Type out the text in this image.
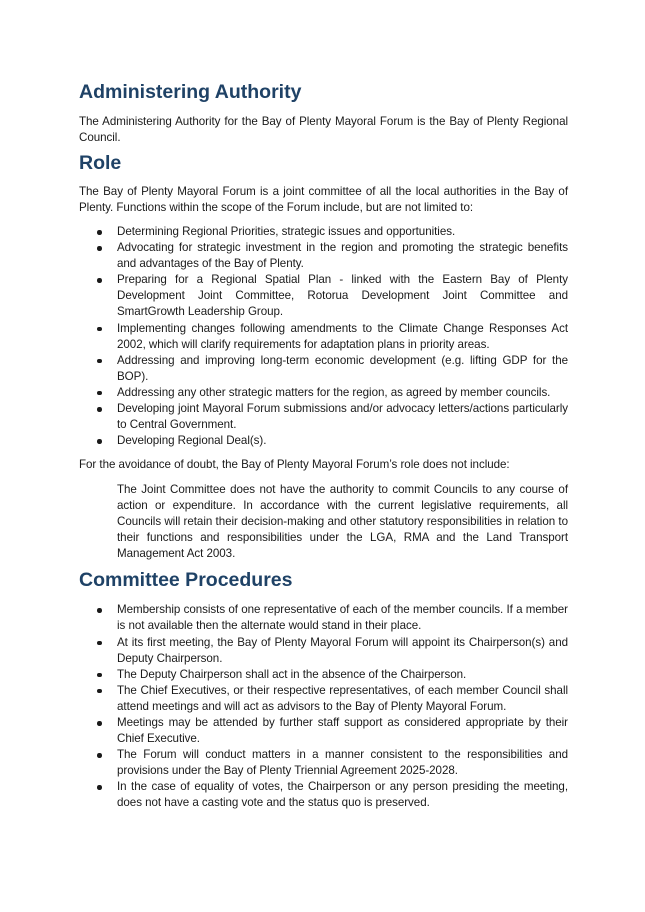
Administering Authority

The Administering Authority for the Bay of Plenty Mayoral Forum is the Bay of Plenty Regional Council.

Role

The Bay of Plenty Mayoral Forum is a joint committee of all the local authorities in the Bay of Plenty. Functions within the scope of the Forum include, but are not limited to:

Determining Regional Priorities, strategic issues and opportunities.
Advocating for strategic investment in the region and promoting the strategic benefits and advantages of the Bay of Plenty.
Preparing for a Regional Spatial Plan - linked with the Eastern Bay of Plenty Development Joint Committee, Rotorua Development Joint Committee and SmartGrowth Leadership Group.
Implementing changes following amendments to the Climate Change Responses Act 2002, which will clarify requirements for adaptation plans in priority areas.
Addressing and improving long-term economic development (e.g. lifting GDP for the BOP).
Addressing any other strategic matters for the region, as agreed by member councils.
Developing joint Mayoral Forum submissions and/or advocacy letters/actions particularly to Central Government.
Developing Regional Deal(s).

For the avoidance of doubt, the Bay of Plenty Mayoral Forum’s role does not include:

The Joint Committee does not have the authority to commit Councils to any course of action or expenditure. In accordance with the current legislative requirements, all Councils will retain their decision-making and other statutory responsibilities in relation to their functions and responsibilities under the LGA, RMA and the Land Transport Management Act 2003.

Committee Procedures
Membership consists of one representative of each of the member councils. If a member is not available then the alternate would stand in their place.
At its first meeting, the Bay of Plenty Mayoral Forum will appoint its Chairperson(s) and Deputy Chairperson.
The Deputy Chairperson shall act in the absence of the Chairperson.
The Chief Executives, or their respective representatives, of each member Council shall attend meetings and will act as advisors to the Bay of Plenty Mayoral Forum.
Meetings may be attended by further staff support as considered appropriate by their Chief Executive.
The Forum will conduct matters in a manner consistent to the responsibilities and provisions under the Bay of Plenty Triennial Agreement 2025-2028.
In the case of equality of votes, the Chairperson or any person presiding the meeting, does not have a casting vote and the status quo is preserved.
